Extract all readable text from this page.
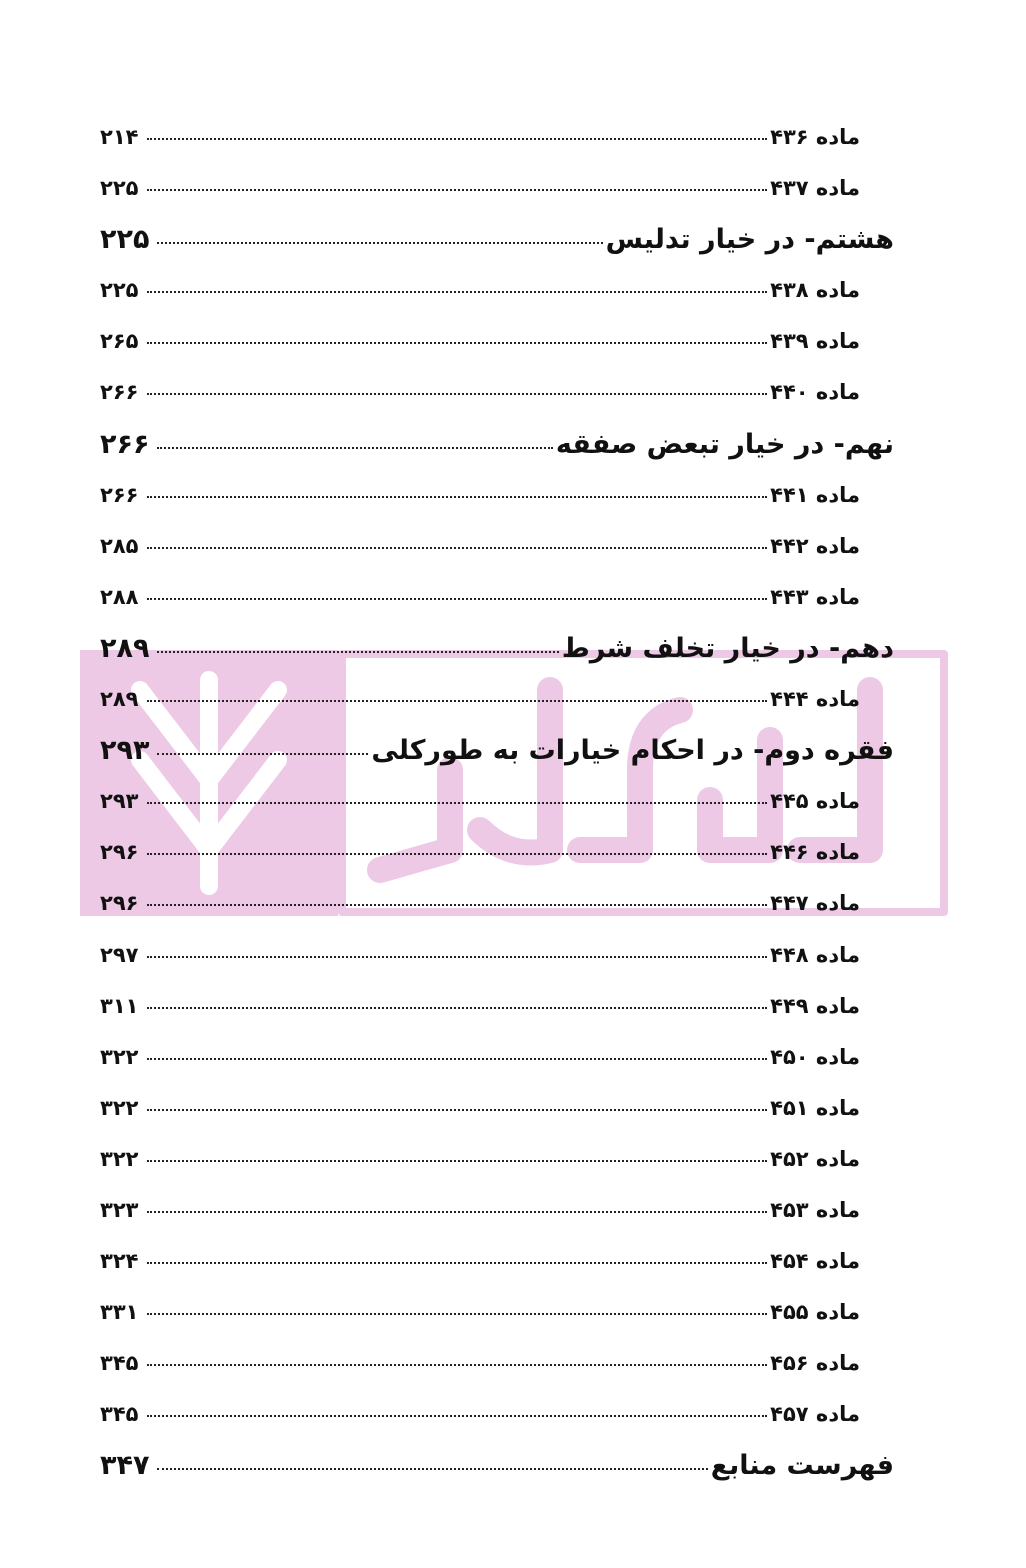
ماده ۴۳۶
۲۱۴
ماده ۴۳۷
۲۲۵
هشتم- در خیار تدلیس
۲۲۵
ماده ۴۳۸
۲۲۵
ماده ۴۳۹
۲۶۵
ماده ۴۴۰
۲۶۶
نهم- در خیار تبعض صفقه
۲۶۶
ماده ۴۴۱
۲۶۶
ماده ۴۴۲
۲۸۵
ماده ۴۴۳
۲۸۸
دهم- در خیار تخلف شرط
۲۸۹
ماده ۴۴۴
۲۸۹
فقره دوم- در احکام خیارات به طورکلی
۲۹۳
ماده ۴۴۵
۲۹۳
ماده ۴۴۶
۲۹۶
ماده ۴۴۷
۲۹۶
ماده ۴۴۸
۲۹۷
ماده ۴۴۹
۳۱۱
ماده ۴۵۰
۳۲۲
ماده ۴۵۱
۳۲۲
ماده ۴۵۲
۳۲۲
ماده ۴۵۳
۳۲۳
ماده ۴۵۴
۳۲۴
ماده ۴۵۵
۳۳۱
ماده ۴۵۶
۳۴۵
ماده ۴۵۷
۳۴۵
فهرست منابع
۳۴۷
